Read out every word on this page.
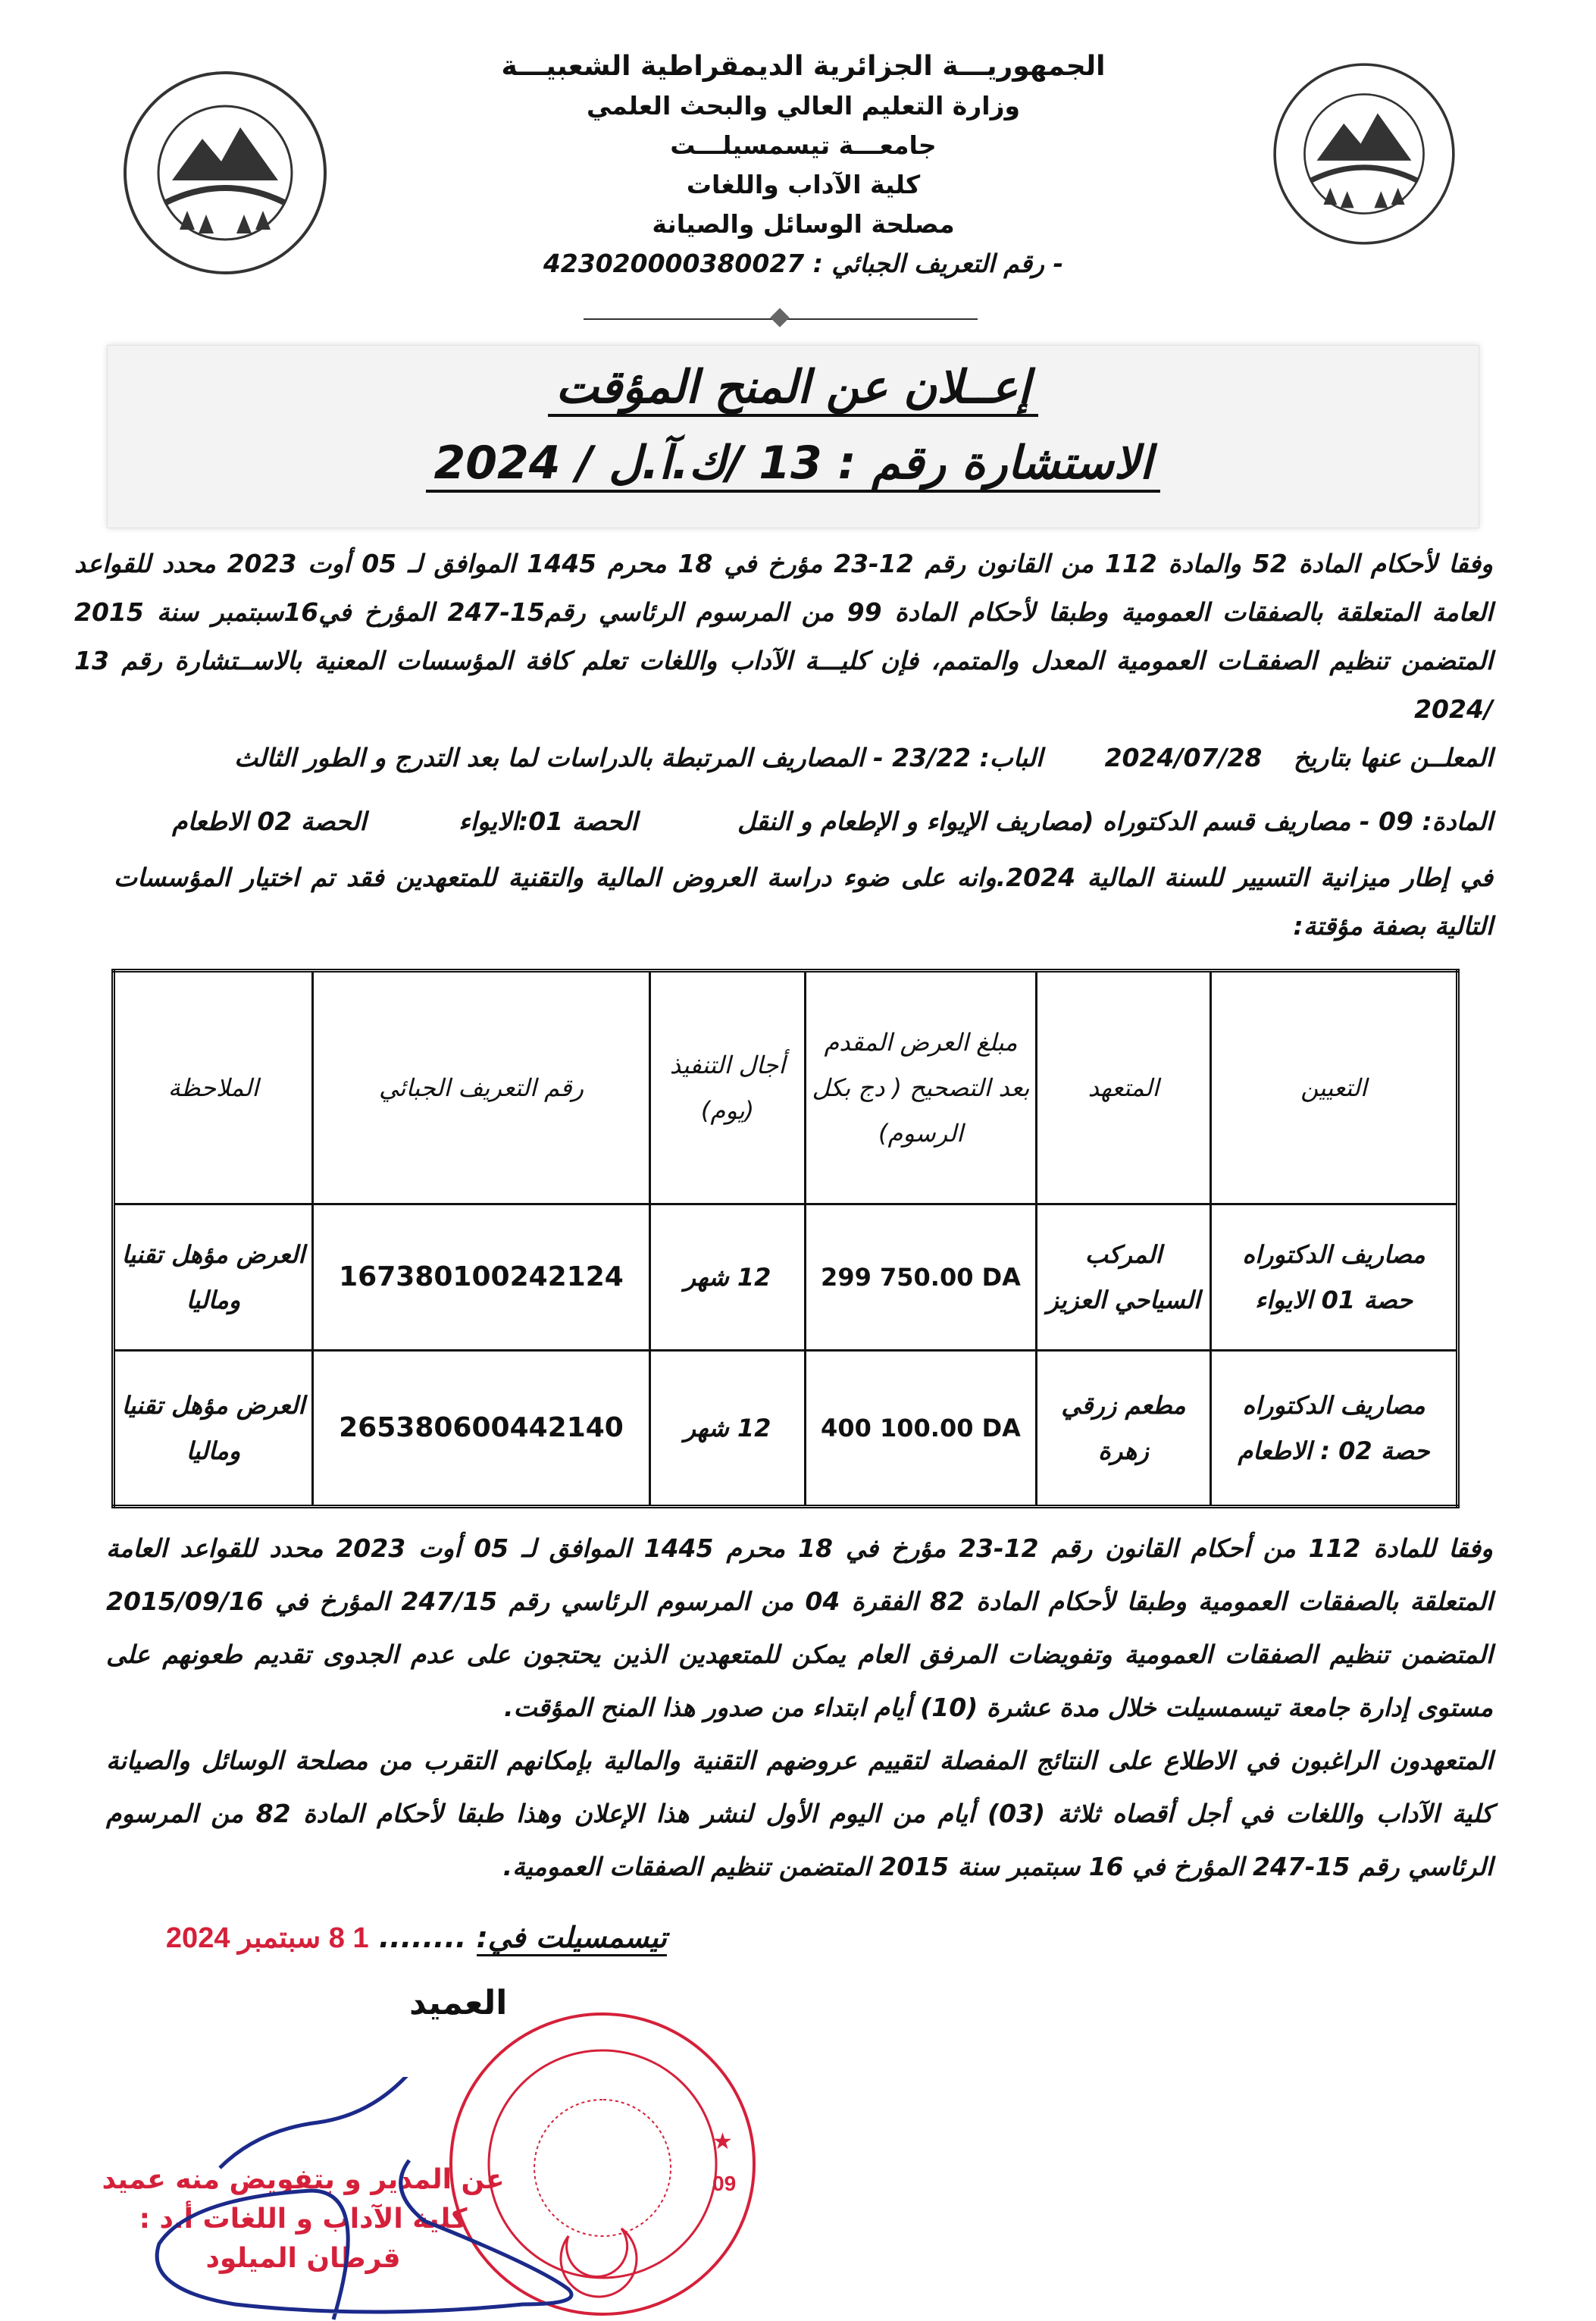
الجمهوريـــة الجزائرية الديمقراطية الشعبيـــة
وزارة التعليم العالي والبحث العلمي
جامعـــة تيسمسيلـــت
كلية الآداب واللغات
مصلحة الوسائل والصيانة
- رقم التعريف الجبائي : 423020000380027
إعــلان عن المنح المؤقت
الاستشارة رقم : 13 /ك.آ.ل / 2024
وفقا لأحكام المادة 52 والمادة 112 من القانون رقم 12-23 مؤرخ في 18 محرم 1445 الموافق لـ 05 أوت 2023 محدد للقواعد العامة المتعلقة بالصفقات العمومية وطبقا لأحكام المادة 99 من المرسوم الرئاسي رقم15-247 المؤرخ في16سبتمبر سنة 2015 المتضمن تنظيم الصفقـات العمومية المعدل والمتمم، فإن كليـــة الآداب واللغات تعلم كافة المؤسسات المعنية بالاســتشارة رقم 13 /2024
المعلــن عنها بتاريخ 2024/07/28 الباب: 23/22 - المصاريف المرتبطة بالدراسات لما بعد التدرج و الطور الثالث
المادة: 09 - مصاريف قسم الدكتوراه (مصاريف الإيواء و الإطعام و النقل الحصة 01:الايواء الحصة 02 الاطعام
في إطار ميزانية التسيير للسنة المالية 2024.وانه على ضوء دراسة العروض المالية والتقنية للمتعهدين فقد تم اختيار المؤسسات التالية بصفة مؤقتة:
التعيين	المتعهد	مبلغ العرض المقدم بعد التصحيح ( دج بكل الرسوم)	أجال التنفيذ (يوم)	رقم التعريف الجبائي	الملاحظة
مصاريف الدكتوراه حصة 01 الايواء	المركب السياحي العزيز	299 750.00 DA	12 شهر	167380100242124	العرض مؤهل تقنيا وماليا
مصاريف الدكتوراه حصة 02 : الاطعام	مطعم زرقي زهرة	400 100.00 DA	12 شهر	265380600442140	العرض مؤهل تقنيا وماليا
وفقا للمادة 112 من أحكام القانون رقم 12-23 مؤرخ في 18 محرم 1445 الموافق لـ 05 أوت 2023 محدد للقواعد العامة المتعلقة بالصفقات العمومية وطبقا لأحكام المادة 82 الفقرة 04 من المرسوم الرئاسي رقم 247/15 المؤرخ في 2015/09/16 المتضمن تنظيم الصفقات العمومية وتفويضات المرفق العام يمكن للمتعهدين الذين يحتجون على عدم الجدوى تقديم طعونهم على مستوى إدارة جامعة تيسمسيلت خلال مدة عشرة (10) أيام ابتداء من صدور هذا المنح المؤقت.
المتعهدون الراغبون في الاطلاع على النتائج المفصلة لتقييم عروضهم التقنية والمالية بإمكانهم التقرب من مصلحة الوسائل والصيانة كلية الآداب واللغات في أجل أقصاه ثلاثة (03) أيام من اليوم الأول لنشر هذا الإعلان وهذا طبقا لأحكام المادة 82 من المرسوم الرئاسي رقم 15-247 المؤرخ في 16 سبتمبر سنة 2015 المتضمن تنظيم الصفقات العمومية.
تيسمسيلت في: ........ 1 8 سبتمبر 2024
العميد
09
★
عن المدير و بتفويض منه عميد كلية الآداب و اللغات أ.د : قرطان الميلود
